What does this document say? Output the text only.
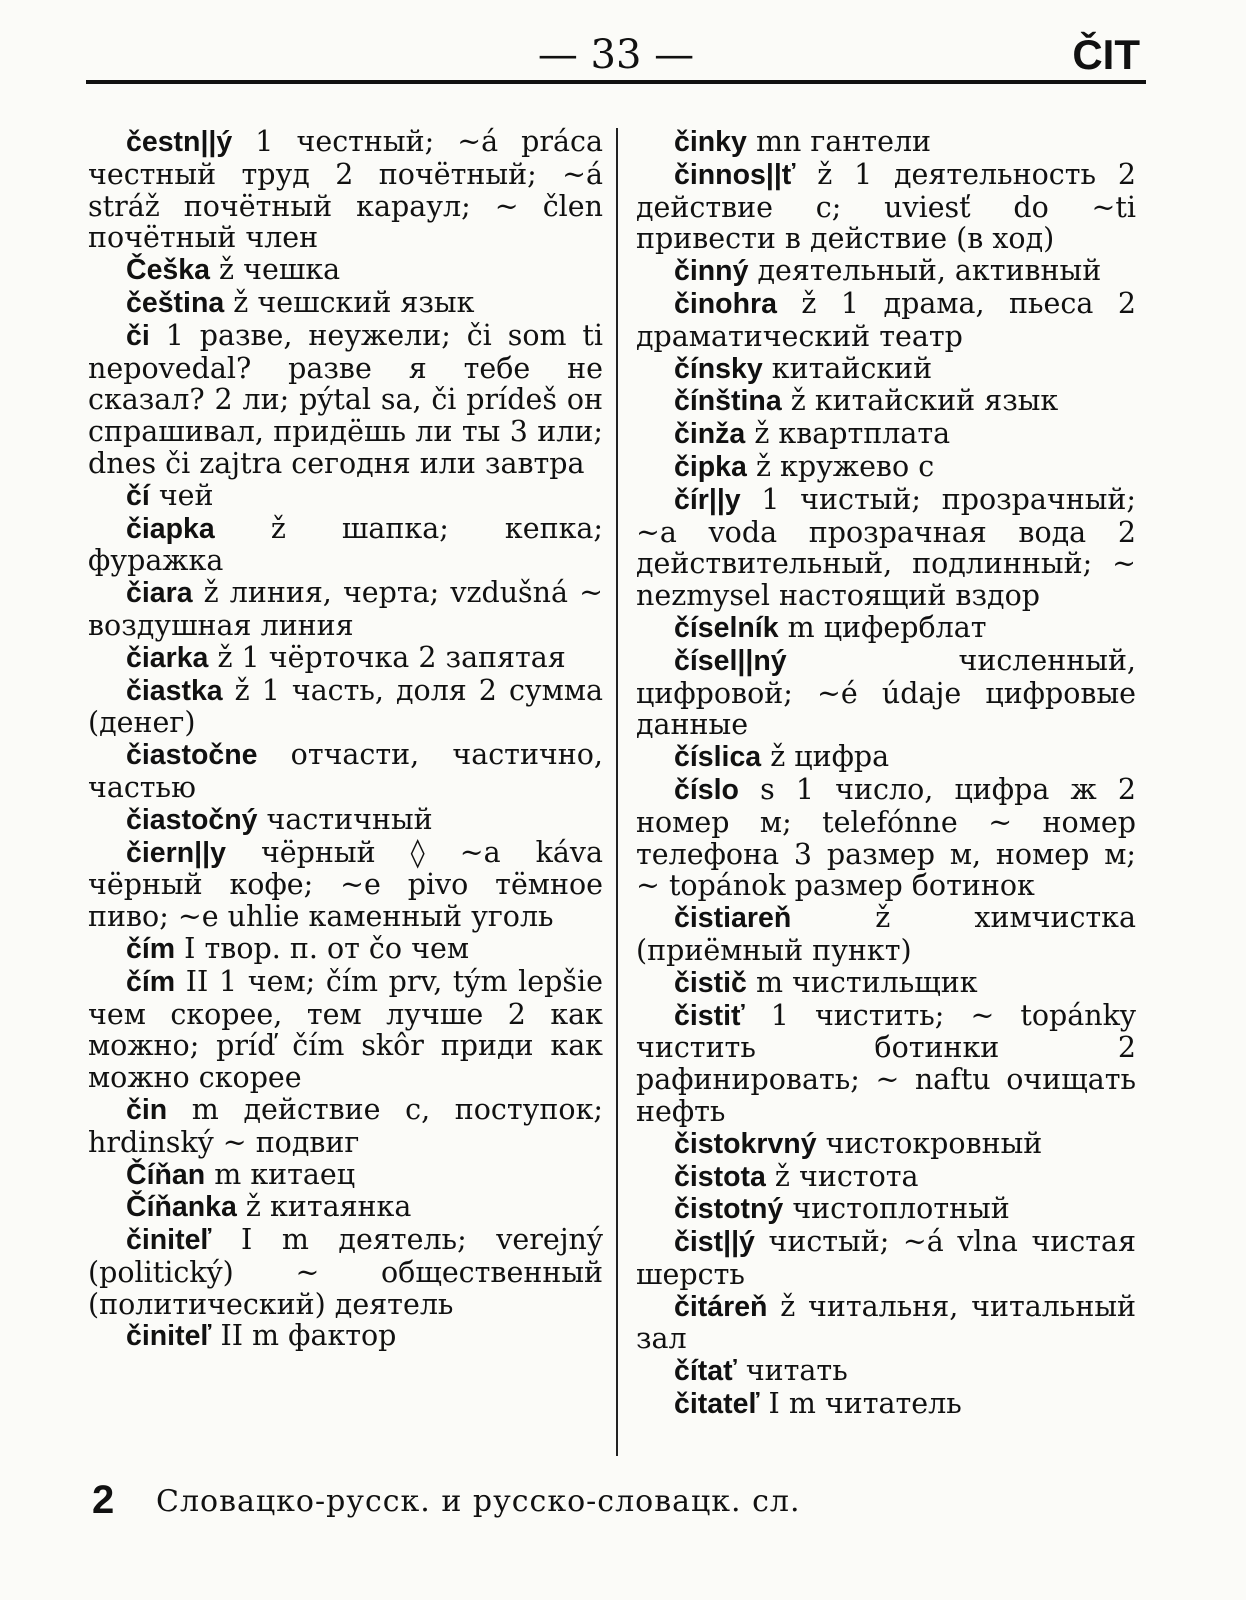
— 33 —	ČIT

čestn||ý 1 честный; ~á práca честный труд 2 почётный; ~á stráž почётный караул; ~ člen почётный член

Češka ž чешка

čeština ž чешский язык

či 1 разве, неужели; či som ti nepovedal? разве я тебе не сказал? 2 ли; pýtal sa, či prídeš он спрашивал, придёшь ли ты 3 или; dnes či zajtra сегодня или завтра

čí чей

čiapka ž шапка; кепка; фуражка

čiara ž линия, черта; vzdušná ~ воздушная линия

čiarka ž 1 чёрточка 2 запятая

čiastka ž 1 часть, доля 2 сумма (денег)

čiastočne отчасти, частично, частью

čiastočný частичный

čiern||y чёрный ◊ ~a káva чёрный кофе; ~e pivo тёмное пиво; ~e uhlie каменный уголь

čím I твор. п. от čo чем

čím II 1 чем; čím prv, tým lepšie чем скорее, тем лучше 2 как можно; príď čím skôr приди как можно скорее

čin m действие с, поступок; hrdinský ~ подвиг

Číňan m китаец

Číňanka ž китаянка

činiteľ I m деятель; verejný (politický) ~ общественный (политический) деятель

činiteľ II m фактор

činky mn гантели

činnos||ť ž 1 деятельность 2 действие с; uviesť do ~ti привести в действие (в ход)

činný деятельный, активный

činohra ž 1 драма, пьеса 2 драматический театр

čínsky китайский

čínština ž китайский язык

činža ž квартплата

čipka ž кружево с

čír||y 1 чистый; прозрачный; ~a voda прозрачная вода 2 действительный, подлинный; ~ nezmysel настоящий вздор

číselník m циферблат

čísel||ný численный, цифровой; ~é údaje цифровые данные

číslica ž цифра

číslo s 1 число, цифра ж 2 номер м; telefónne ~ номер телефона 3 размер м, номер м; ~ topánok размер ботинок

čistiareň ž химчистка (приёмный пункт)

čistič m чистильщик

čistiť 1 чистить; ~ topánky чистить ботинки 2 рафинировать; ~ naftu очищать нефть

čistokrvný чистокровный

čistota ž чистота

čistotný чистоплотный

čist||ý чистый; ~á vlna чистая шерсть

čitáreň ž читальня, читальный зал

čítať читать

čitateľ I m читатель

2 Словацко-русск. и русско-словацк. сл.
